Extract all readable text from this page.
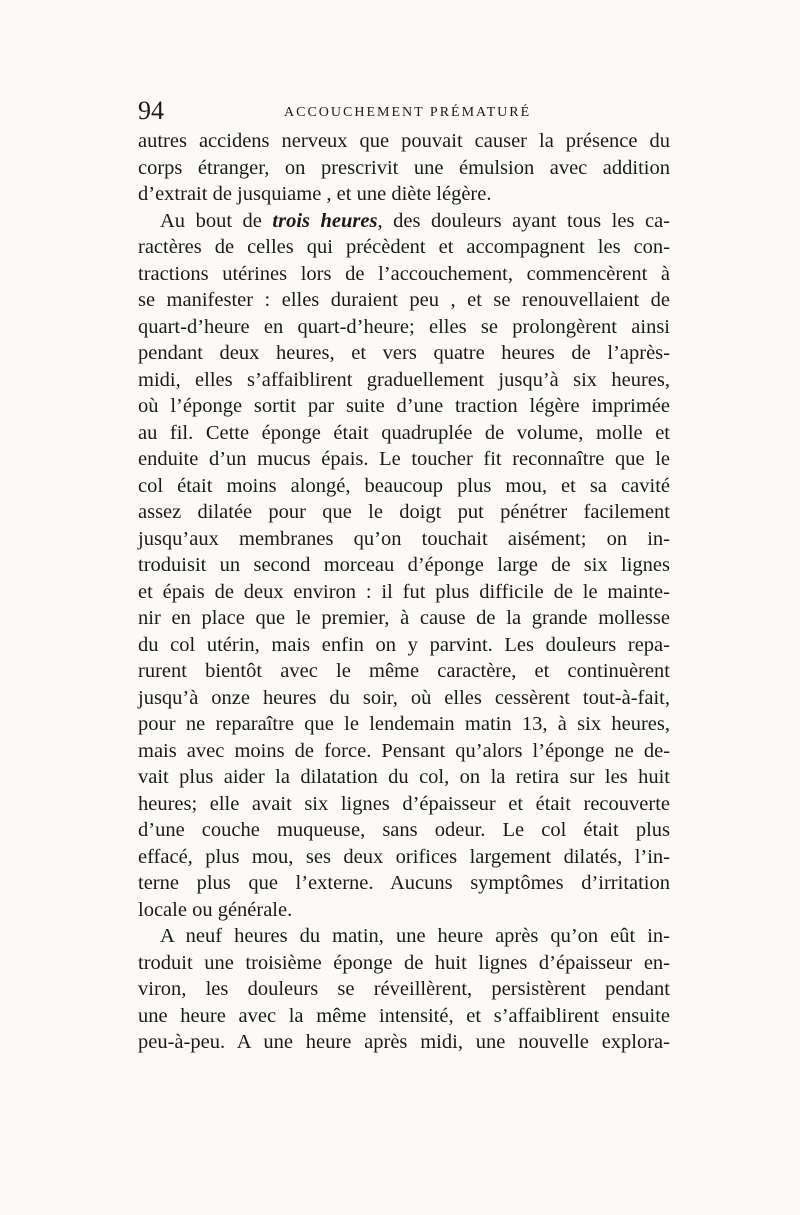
94	ACCOUCHEMENT PRÉMATURÉ
autres accidens nerveux que pouvait causer la présence du
corps étranger, on prescrivit une émulsion avec addition
d’extrait de jusquiame , et une diète légère.
Au bout de trois heures, des douleurs ayant tous les ca-
ractères de celles qui précèdent et accompagnent les con-
tractions utérines lors de l’accouchement, commencèrent à
se manifester : elles duraient peu , et se renouvellaient de
quart-d’heure en quart-d’heure; elles se prolongèrent ainsi
pendant deux heures, et vers quatre heures de l’après-
midi, elles s’affaiblirent graduellement jusqu’à six heures,
où l’éponge sortit par suite d’une traction légère imprimée
au fil. Cette éponge était quadruplée de volume, molle et
enduite d’un mucus épais. Le toucher fit reconnaître que le
col était moins alongé, beaucoup plus mou, et sa cavité
assez dilatée pour que le doigt put pénétrer facilement
jusqu’aux membranes qu’on touchait aisément; on in-
troduisit un second morceau d’éponge large de six lignes
et épais de deux environ : il fut plus difficile de le mainte-
nir en place que le premier, à cause de la grande mollesse
du col utérin, mais enfin on y parvint. Les douleurs repa-
rurent bientôt avec le même caractère, et continuèrent
jusqu’à onze heures du soir, où elles cessèrent tout-à-fait,
pour ne reparaître que le lendemain matin 13, à six heures,
mais avec moins de force. Pensant qu’alors l’éponge ne de-
vait plus aider la dilatation du col, on la retira sur les huit
heures; elle avait six lignes d’épaisseur et était recouverte
d’une couche muqueuse, sans odeur. Le col était plus
effacé, plus mou, ses deux orifices largement dilatés, l’in-
terne plus que l’externe. Aucuns symptômes d’irritation
locale ou générale.
A neuf heures du matin, une heure après qu’on eût in-
troduit une troisième éponge de huit lignes d’épaisseur en-
viron, les douleurs se réveillèrent, persistèrent pendant
une heure avec la même intensité, et s’affaiblirent ensuite
peu-à-peu. A une heure après midi, une nouvelle explora-
